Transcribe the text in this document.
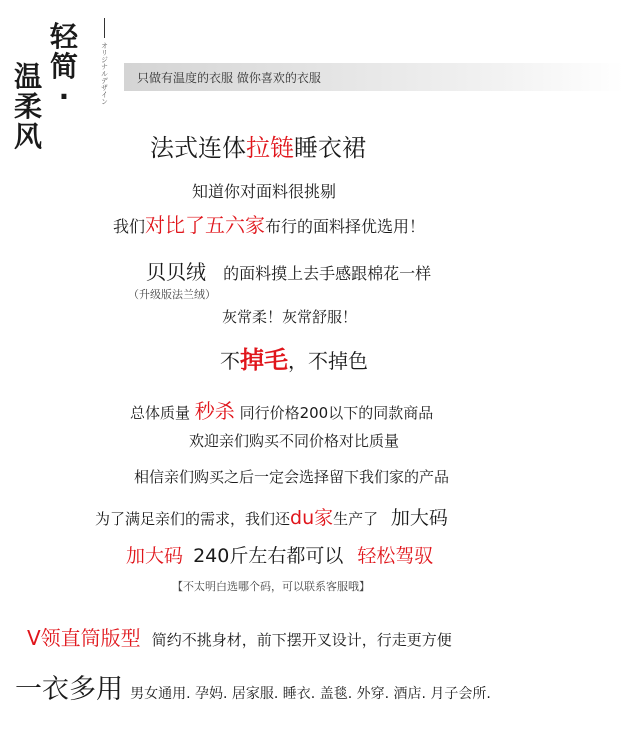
轻
简
·
温
柔
风
オリジナルデザイン 只做有温度的衣服 做你喜欢的衣服
法式连体拉链睡衣裙
知道你对面料很挑剔
我们对比了五六家布行的面料择优选用！
贝贝绒 的面料摸上去手感跟棉花一样
（升级版法兰绒）
灰常柔！灰常舒服！
不掉毛，不掉色
总体质量 秒杀 同行价格200以下的同款商品
欢迎亲们购买不同价格对比质量
相信亲们购买之后一定会选择留下我们家的产品
为了满足亲们的需求，我们还du家生产了 加大码
加大码 240斤左右都可以 轻松驾驭
【不太明白选哪个码，可以联系客服哦】
V领直筒版型 简约不挑身材，前下摆开叉设计，行走更方便
一衣多用 男女通用. 孕妈. 居家服. 睡衣. 盖毯. 外穿. 酒店. 月子会所.
